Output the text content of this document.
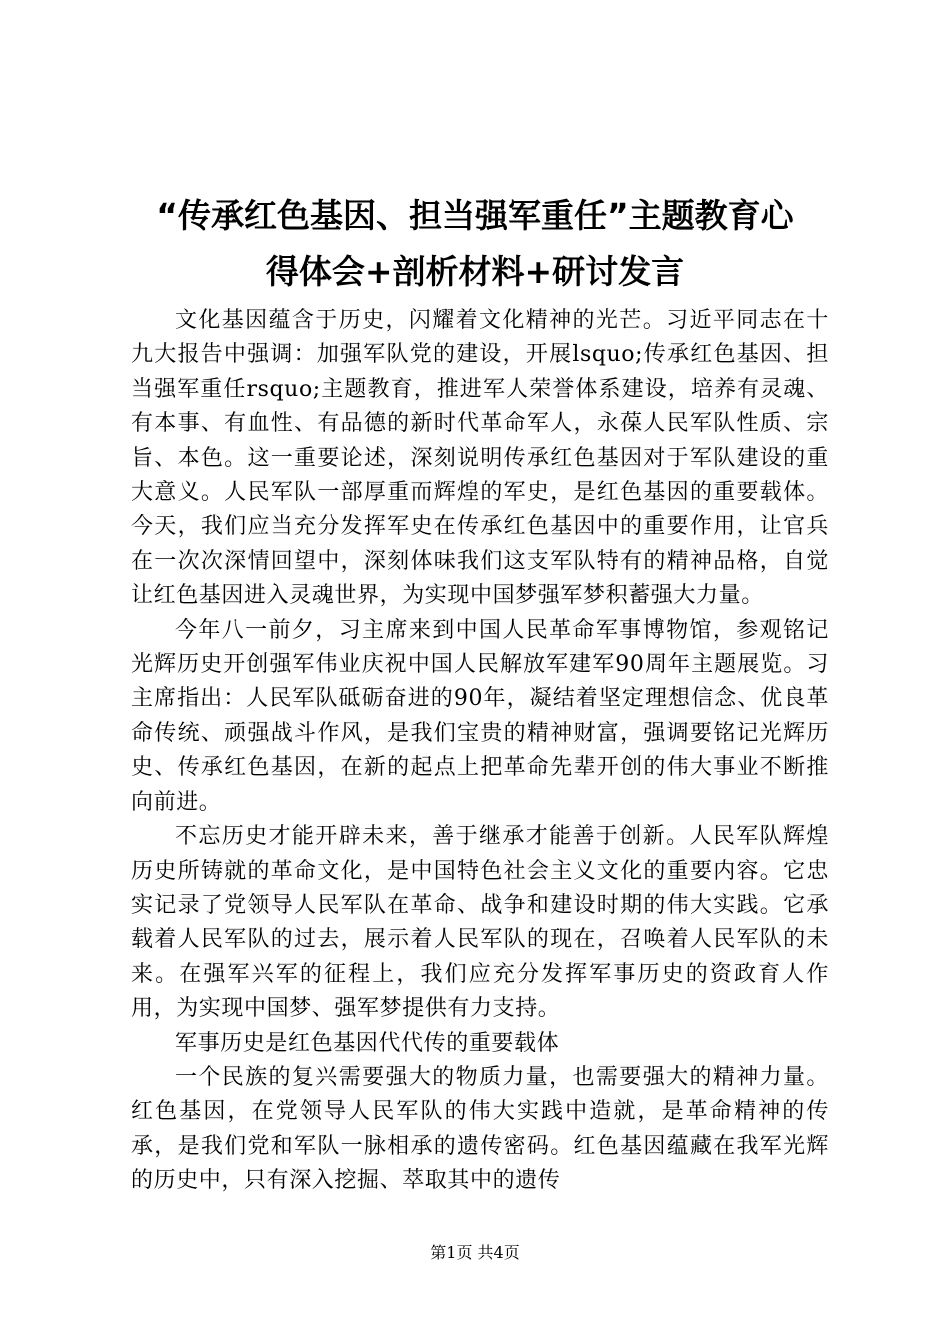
“传承红色基因、担当强军重任”主题教育心
得体会+剖析材料+研讨发言

文化基因蕴含于历史，闪耀着文化精神的光芒。习近平同志在十九大报告中强调：加强军队党的建设，开展lsquo;传承红色基因、担当强军重任rsquo;主题教育，推进军人荣誉体系建设，培养有灵魂、有本事、有血性、有品德的新时代革命军人，永葆人民军队性质、宗旨、本色。这一重要论述，深刻说明传承红色基因对于军队建设的重大意义。人民军队一部厚重而辉煌的军史，是红色基因的重要载体。今天，我们应当充分发挥军史在传承红色基因中的重要作用，让官兵在一次次深情回望中，深刻体味我们这支军队特有的精神品格，自觉让红色基因进入灵魂世界，为实现中国梦强军梦积蓄强大力量。

今年八一前夕，习主席来到中国人民革命军事博物馆，参观铭记光辉历史开创强军伟业庆祝中国人民解放军建军90周年主题展览。习主席指出：人民军队砥砺奋进的90年，凝结着坚定理想信念、优良革命传统、顽强战斗作风，是我们宝贵的精神财富，强调要铭记光辉历史、传承红色基因，在新的起点上把革命先辈开创的伟大事业不断推向前进。

不忘历史才能开辟未来，善于继承才能善于创新。人民军队辉煌历史所铸就的革命文化，是中国特色社会主义文化的重要内容。它忠实记录了党领导人民军队在革命、战争和建设时期的伟大实践。它承载着人民军队的过去，展示着人民军队的现在，召唤着人民军队的未来。在强军兴军的征程上，我们应充分发挥军事历史的资政育人作用，为实现中国梦、强军梦提供有力支持。

军事历史是红色基因代代传的重要载体

一个民族的复兴需要强大的物质力量，也需要强大的精神力量。红色基因，在党领导人民军队的伟大实践中造就，是革命精神的传承，是我们党和军队一脉相承的遗传密码。红色基因蕴藏在我军光辉的历史中，只有深入挖掘、萃取其中的遗传

第1页 共4页
